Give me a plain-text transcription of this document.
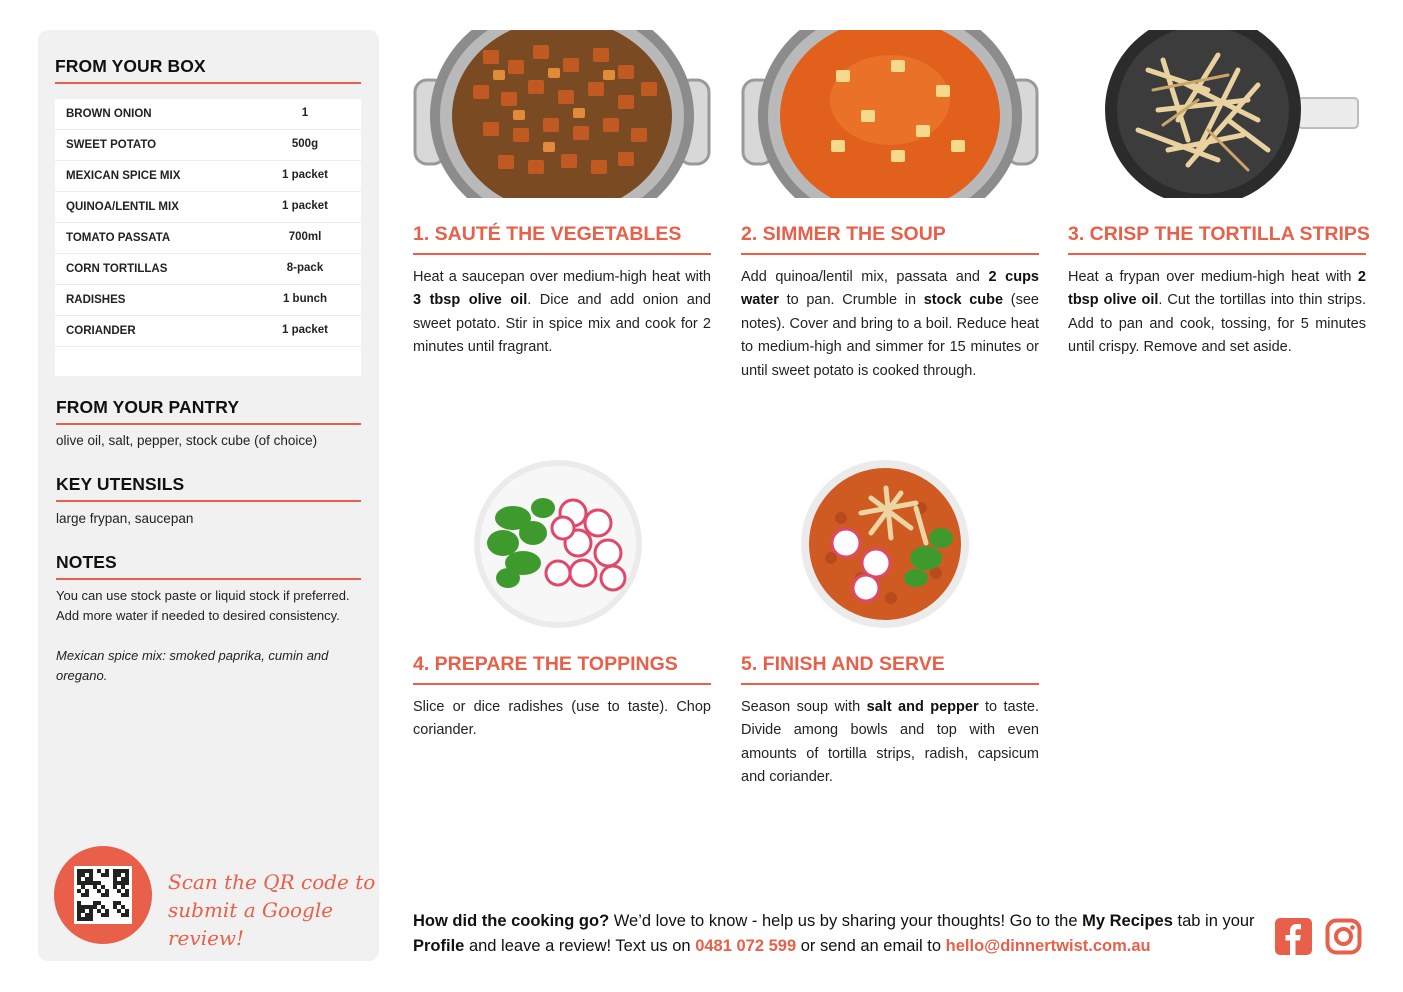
FROM YOUR BOX
BROWN ONION	1
SWEET POTATO	500g
MEXICAN SPICE MIX	1 packet
QUINOA/LENTIL MIX	1 packet
TOMATO PASSATA	700ml
CORN TORTILLAS	8-pack
RADISHES	1 bunch
CORIANDER	1 packet
FROM YOUR PANTRY
olive oil, salt, pepper, stock cube (of choice)
KEY UTENSILS
large frypan, saucepan
NOTES
You can use stock paste or liquid stock if preferred.
Add more water if needed to desired consistency.
Mexican spice mix: smoked paprika, cumin and oregano.
Scan the QR code to
submit a Google review!
1. SAUTÉ THE VEGETABLES
Heat a saucepan over medium-high heat with 3 tbsp olive oil. Dice and add onion and sweet potato. Stir in spice mix and cook for 2 minutes until fragrant.
2. SIMMER THE SOUP
Add quinoa/lentil mix, passata and 2 cups water to pan. Crumble in stock cube (see notes). Cover and bring to a boil. Reduce heat to medium-high and simmer for 15 minutes or until sweet potato is cooked through.
3. CRISP THE TORTILLA STRIPS
Heat a frypan over medium-high heat with 2 tbsp olive oil. Cut the tortillas into thin strips. Add to pan and cook, tossing, for 5 minutes until crispy. Remove and set aside.
4. PREPARE THE TOPPINGS
Slice or dice radishes (use to taste). Chop coriander.
5. FINISH AND SERVE
Season soup with salt and pepper to taste. Divide among bowls and top with even amounts of tortilla strips, radish, capsicum and coriander.
How did the cooking go? We’d love to know - help us by sharing your thoughts! Go to the My Recipes tab in your Profile and leave a review! Text us on 0481 072 599 or send an email to hello@dinnertwist.com.au
